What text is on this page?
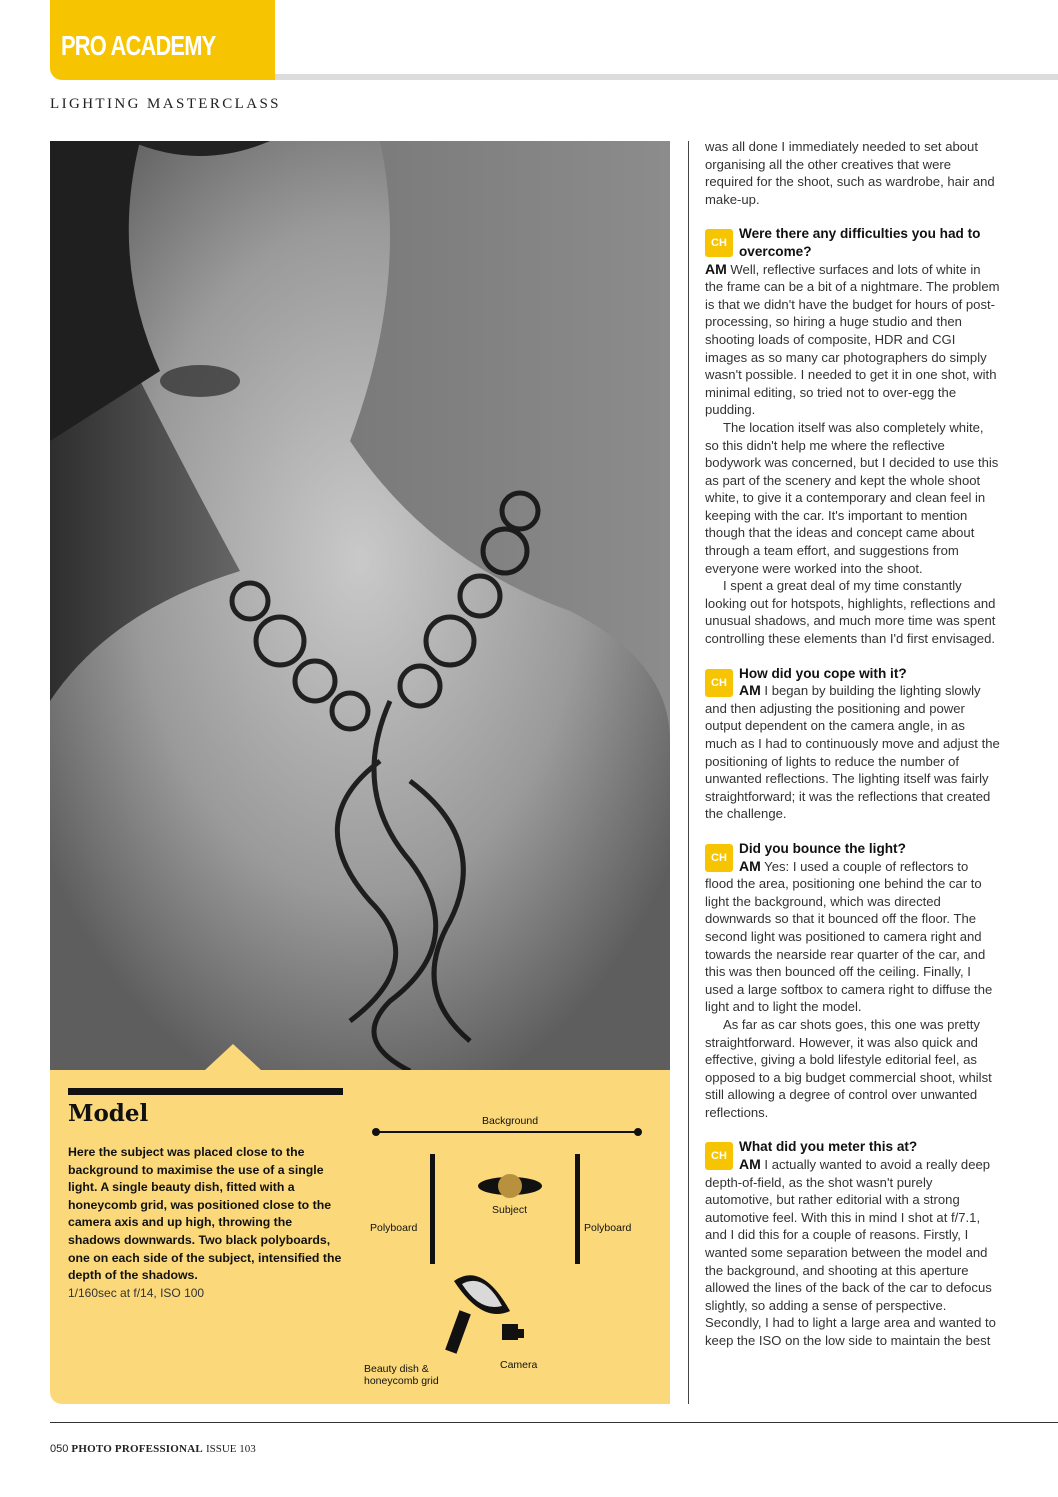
PRO ACADEMY
LIGHTING MASTERCLASS
Model

Here the subject was placed close to the background to maximise the use of a single light. A single beauty dish, fitted with a honeycomb grid, was positioned close to the camera axis and up high, throwing the shadows downwards. Two black polyboards, one on each side of the subject, intensified the depth of the shadows.

1/160sec at f/14, ISO 100
Background
Polyboard	Polyboard
Subject
Beauty dish &
honeycomb grid
Camera

was all done I immediately needed to set about organising all the other creatives that were required for the shoot, such as wardrobe, hair and make-up.

CH

Were there any difficulties you had to overcome?

AM Well, reflective surfaces and lots of white in the frame can be a bit of a nightmare. The problem is that we didn't have the budget for hours of post-processing, so hiring a huge studio and then shooting loads of composite, HDR and CGI images as so many car photographers do simply wasn't possible. I needed to get it in one shot, with minimal editing, so tried not to over-egg the pudding.

The location itself was also completely white, so this didn't help me where the reflective bodywork was concerned, but I decided to use this as part of the scenery and kept the whole shoot white, to give it a contemporary and clean feel in keeping with the car. It's important to mention though that the ideas and concept came about through a team effort, and suggestions from everyone were worked into the shoot.

I spent a great deal of my time constantly looking out for hotspots, highlights, reflections and unusual shadows, and much more time was spent controlling these elements than I'd first envisaged.

CH

How did you cope with it?

AM I began by building the lighting slowly and then adjusting the positioning and power output dependent on the camera angle, in as much as I had to continuously move and adjust the positioning of lights to reduce the number of unwanted reflections. The lighting itself was fairly straightforward; it was the reflections that created the challenge.

CH

Did you bounce the light?

AM Yes: I used a couple of reflectors to flood the area, positioning one behind the car to light the background, which was directed downwards so that it bounced off the floor. The second light was positioned to camera right and towards the nearside rear quarter of the car, and this was then bounced off the ceiling. Finally, I used a large softbox to camera right to diffuse the light and to light the model.

As far as car shots goes, this one was pretty straightforward. However, it was also quick and effective, giving a bold lifestyle editorial feel, as opposed to a big budget commercial shoot, whilst still allowing a degree of control over unwanted reflections.

CH

What did you meter this at?

AM I actually wanted to avoid a really deep depth-of-field, as the shot wasn't purely automotive, but rather editorial with a strong automotive feel. With this in mind I shot at f/7.1, and I did this for a couple of reasons. Firstly, I wanted some separation between the model and the background, and shooting at this aperture allowed the lines of the back of the car to defocus slightly, so adding a sense of perspective. Secondly, I had to light a large area and wanted to keep the ISO on the low side to maintain the best

050 PHOTO PROFESSIONAL ISSUE 103
